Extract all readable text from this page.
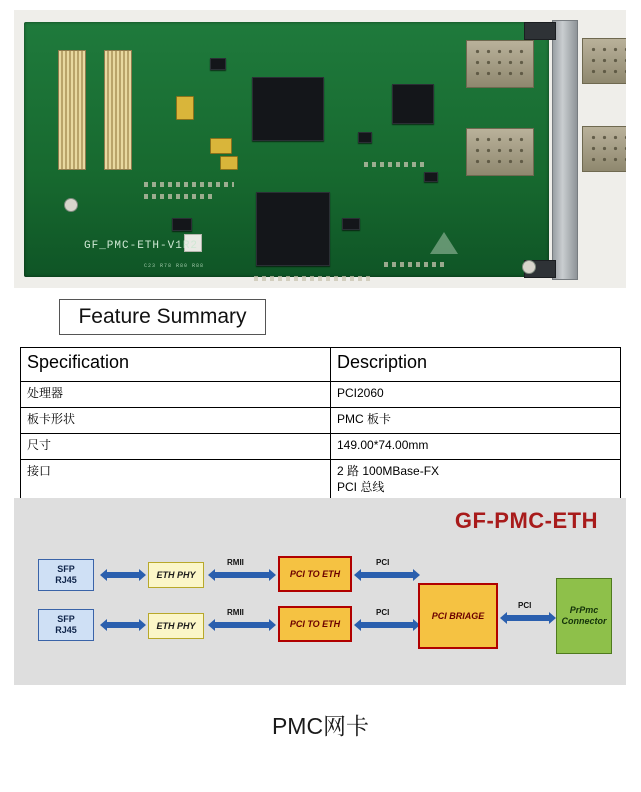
GF_PMC-ETH-V1R2
C23 R78 R80 R88
Feature Summary
Specification	Description
处理器	PCI2060
板卡形状	PMC 板卡
尺寸	149.00*74.00mm
接口	2 路 100MBase-FX
PCI 总线
GF-PMC-ETH
SFP
RJ45
ETH PHY
RMII
PCI TO ETH
PCI
SFP
RJ45	ETH PHY
RMII
PCI TO ETH
PCI	PCI BRIAGE
PCI	PrPmc
Connector
PMC网卡
